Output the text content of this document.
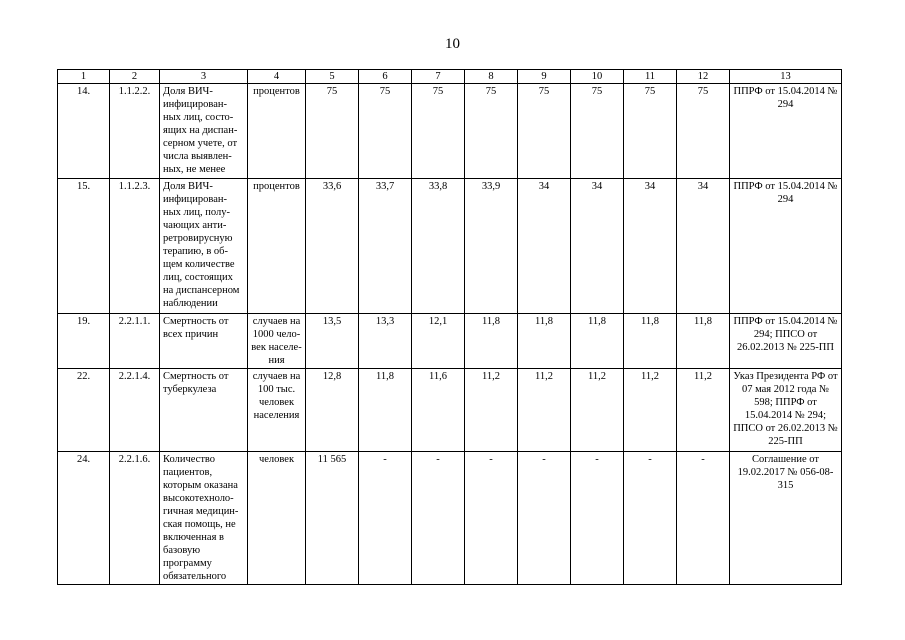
10
1	2	3	4	5	6	7	8	9	10	11	12	13
14.	1.1.2.2.	Доля ВИЧ-инфицирован-ных лиц, состо-ящих на диспан-серном учете, от числа выявлен-ных, не менее	процентов	75	75	75	75	75	75	75	75	ППРФ от 15.04.2014 № 294
15.	1.1.2.3.	Доля ВИЧ-инфицирован-ных лиц, полу-чающих анти-ретровирусную терапию, в об-щем количестве лиц, состоящих на диспансерном наблюдении	процентов	33,6	33,7	33,8	33,9	34	34	34	34	ППРФ от 15.04.2014 № 294
19.	2.2.1.1.	Смертность от всех причин	случаев на 1000 чело-век населе-ния	13,5	13,3	12,1	11,8	11,8	11,8	11,8	11,8	ППРФ от 15.04.2014 № 294; ППСО от 26.02.2013 № 225-ПП
22.	2.2.1.4.	Смертность от туберкулеза	случаев на 100 тыс. человек населения	12,8	11,8	11,6	11,2	11,2	11,2	11,2	11,2	Указ Президента РФ от 07 мая 2012 года № 598; ППРФ от 15.04.2014 № 294; ППСО от 26.02.2013 № 225-ПП
24.	2.2.1.6.	Количество пациентов, которым оказана высокотехноло-гичная медицин-ская помощь, не включенная в базовую программу обязательного	человек	11 565	-	-	-	-	-	-	-	Соглашение от 19.02.2017 № 056-08-315
